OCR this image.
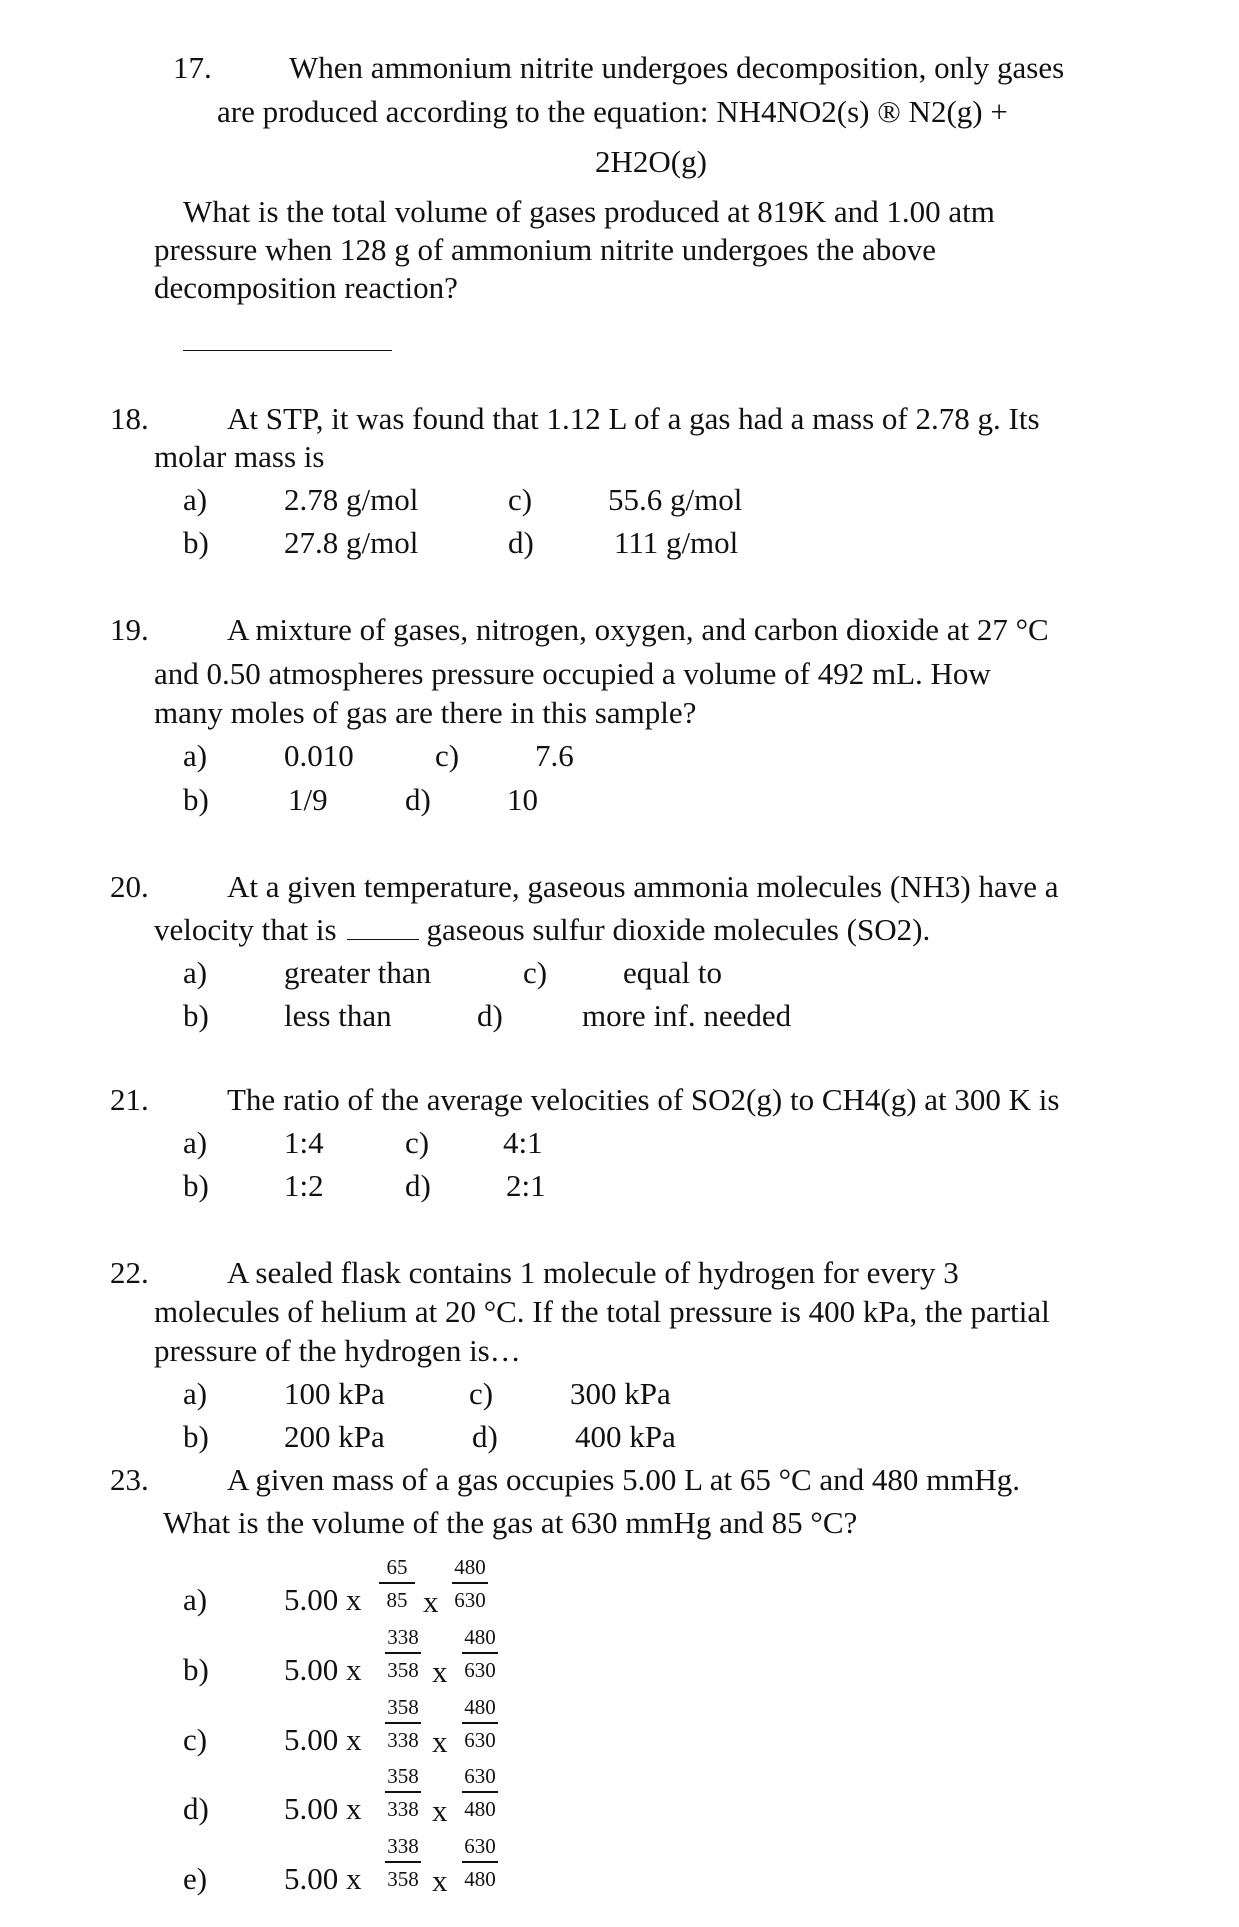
17. When ammonium nitrite undergoes decomposition, only gases
are produced according to the equation: NH4NO2(s) ® N2(g) +
2H2O(g)
What is the total volume of gases produced at 819K and 1.00 atm
pressure when 128 g of ammonium nitrite undergoes the above
decomposition reaction?
18.	At STP, it was found that 1.12 L of a gas had a mass of 2.78 g. Its
molar mass is
a) 2.78 g/mol	c) 55.6 g/mol
b) 27.8 g/mol	d)	111 g/mol
19.	A mixture of gases, nitrogen, oxygen, and carbon dioxide at 27 °C
and 0.50 atmospheres pressure occupied a volume of 492 mL. How
many moles of gas are there in this sample?
a) 0.010	c) 7.6
b)	1/9 d) 10
20.	At a given temperature, gaseous ammonia molecules (NH3) have a
velocity that is	gaseous sulfur dioxide molecules (SO2).
a) greater than	c) equal to
b) less than	d)	more inf. needed
21.	The ratio of the average velocities of SO2(g) to CH4(g) at 300 K is
a) 1:4	c) 4:1
b) 1:2	d) 2:1
22.	A sealed flask contains 1 molecule of hydrogen for every 3
molecules of helium at 20 °C. If the total pressure is 400 kPa, the partial
pressure of the hydrogen is…
a) 100 kPa	c) 300 kPa
b) 200 kPa	d) 400 kPa
23.	A given mass of a gas occupies 5.00 L at 65 °C and 480 mmHg.
What is the volume of the gas at 630 mmHg and 85 °C?
a) 5.00 x
65
85 x
480
630
b) 5.00 x
338
358 x
480
630
c) 5.00 x
358
338 x
480
630
d) 5.00 x
358
338 x
630
480
e) 5.00 x
338
358 x
630
480
